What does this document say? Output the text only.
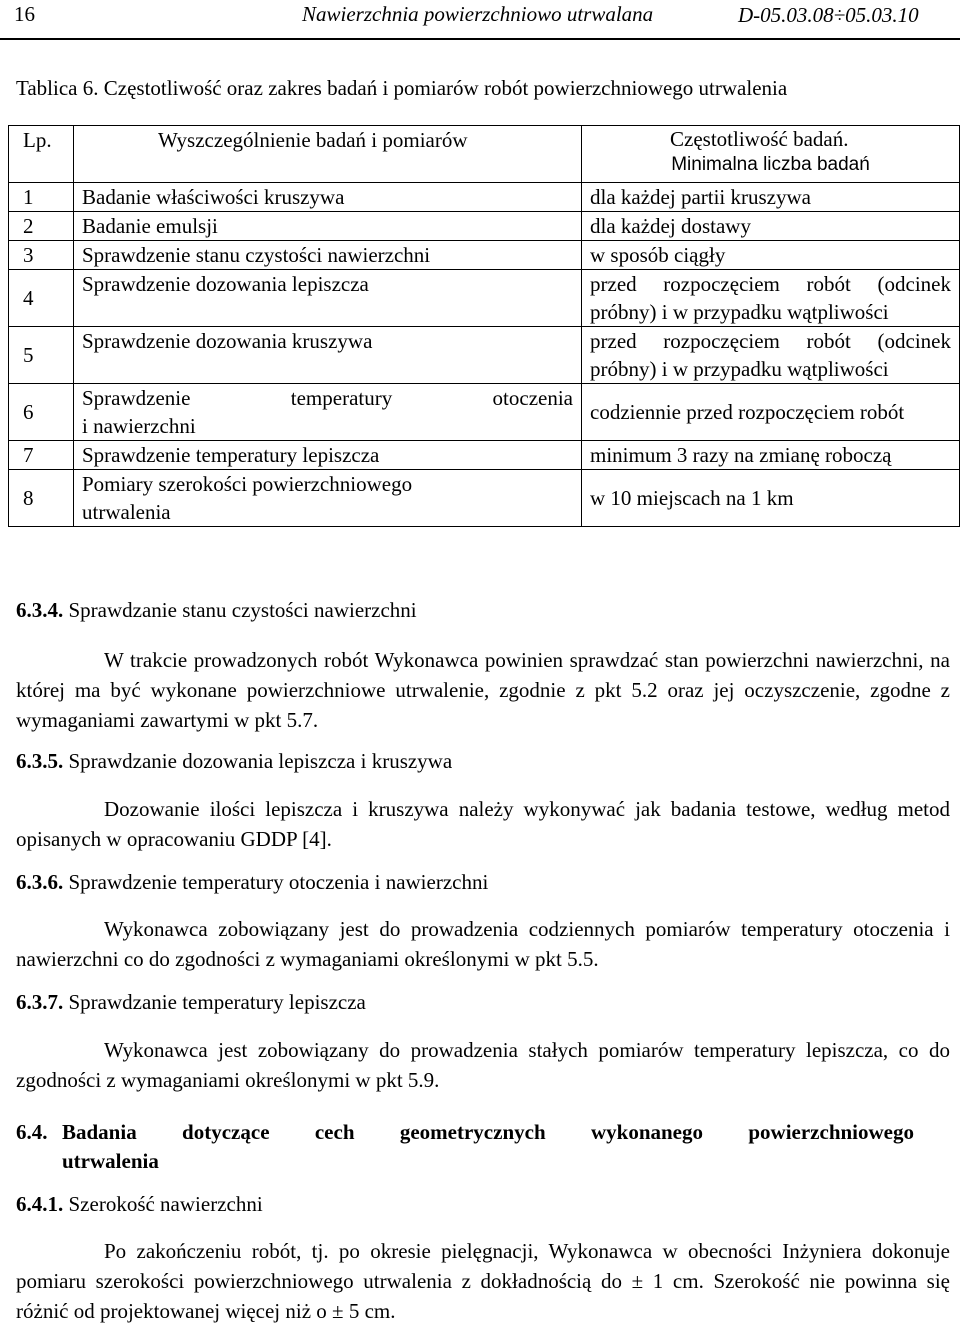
16	Nawierzchnia powierzchniowo utrwalana	D-05.03.08÷05.03.10
Tablica 6. Częstotliwość oraz zakres badań i pomiarów robót powierzchniowego utrwalenia
Lp.	Wyszczególnienie badań i pomiarów	Częstotliwość badań.
Minimalna liczba badań

1	Badanie właściwości kruszywa	dla każdej partii kruszywa
2	Badanie emulsji	dla każdej dostawy
3	Sprawdzenie stanu czystości nawierzchni	w sposób ciągły
4	Sprawdzenie dozowania lepiszcza	przed rozpoczęciem robót (odcinek
próbny) i w przypadku wątpliwości

5	Sprawdzenie dozowania kruszywa	przed rozpoczęciem robót (odcinek
próbny) i w przypadku wątpliwości

6	Sprawdzenie temperatury otoczenia
i nawierzchni	codziennie przed rozpoczęciem robót
7	Sprawdzenie temperatury lepiszcza	minimum 3 razy na zmianę roboczą
8	Pomiary szerokości powierzchniowego
utrwalenia	w 10 miejscach na 1 km
6.3.4. Sprawdzanie stanu czystości nawierzchni

W trakcie prowadzonych robót Wykonawca powinien sprawdzać stan powierzchni nawierzchni, na której ma być wykonane powierzchniowe utrwalenie, zgodnie z pkt 5.2 oraz jej oczyszczenie, zgodne z wymaganiami zawartymi w pkt 5.7.

6.3.5. Sprawdzanie dozowania lepiszcza i kruszywa

Dozowanie ilości lepiszcza i kruszywa należy wykonywać jak badania testowe, według metod opisanych w opracowaniu GDDP [4].

6.3.6. Sprawdzenie temperatury otoczenia i nawierzchni

Wykonawca zobowiązany jest do prowadzenia codziennych pomiarów temperatury otoczenia i nawierzchni co do zgodności z wymaganiami określonymi w pkt 5.5.

6.3.7. Sprawdzanie temperatury lepiszcza

Wykonawca jest zobowiązany do prowadzenia stałych pomiarów temperatury lepiszcza, co do zgodności z wymaganiami określonymi w pkt 5.9.

6.4. Badania dotyczące cech geometrycznych wykonanego powierzchniowego
utrwalenia
6.4.1. Szerokość nawierzchni

Po zakończeniu robót, tj. po okresie pielęgnacji, Wykonawca w obecności Inżyniera dokonuje pomiaru szerokości powierzchniowego utrwalenia z dokładnością do ± 1 cm. Szerokość nie powinna się różnić od projektowanej więcej niż o ± 5 cm.
